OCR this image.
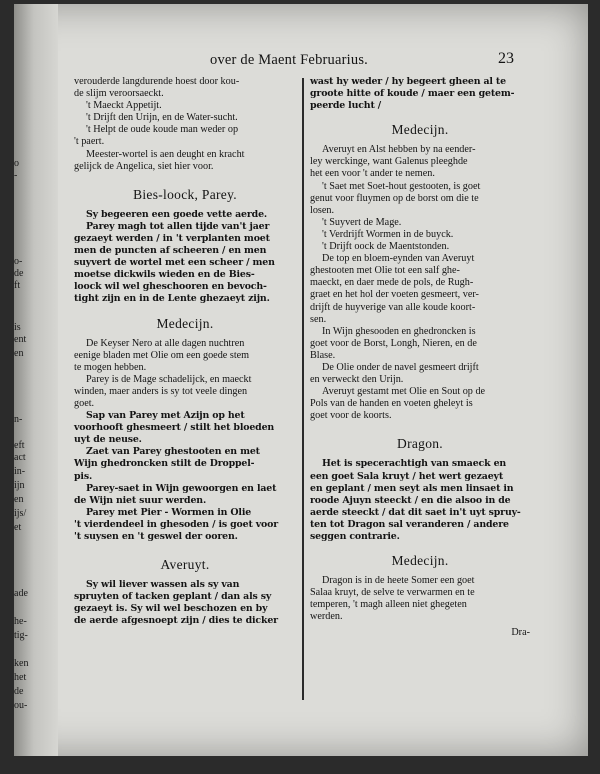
o
-
o-
de
ft
is
ent
en
n-
eft
act
in-
ijn
en
ijs/
et
ade
he-
tig-
ken
het
de
ou-
over de Maent Februarius.	23

verouderde langdurende hoest door kou-

de slijm veroorsaeckt.

't Maeckt Appetijt.

't Drijft den Urijn, en de Water-sucht.

't Helpt de oude koude man weder op

't paert.

Meester-wortel is aen deught en kracht

gelijck de Angelica, siet hier voor.

Bies-loock, Parey.

Sy begeeren een goede vette aerde.

Parey magh tot allen tijde van't jaer

gezaeyt werden / in 't verplanten moet

men de puncten af scheeren / en men

suyvert de wortel met een scheer / men

moetse dickwils wieden en de Bies-

loock wil wel gheschooren en bevoch-

tight zijn en in de Lente ghezaeyt zijn.

Medecijn.

De Keyser Nero at alle dagen nuchtren

eenige bladen met Olie om een goede stem

te mogen hebben.

Parey is de Mage schadelijck, en maeckt

winden, maer anders is sy tot veele dingen

goet.

Sap van Parey met Azijn op het

voorhooft ghesmeert / stilt het bloeden

uyt de neuse.

Zaet van Parey ghestooten en met

Wijn ghedroncken stilt de Droppel-

pis.

Parey-saet in Wijn gewoorgen en laet

de Wijn niet suur werden.

Parey met Pier - Wormen in Olie

't vierdendeel in ghesoden / is goet voor

't suysen en 't geswel der ooren.

Averuyt.

Sy wil liever wassen als sy van

spruyten of tacken geplant / dan als sy

gezaeyt is. Sy wil wel beschozen en by

de aerde afgesnoept zijn / dies te dicker

wast hy weder / hy begeert gheen al te

groote hitte of koude / maer een getem-

peerde lucht /

Medecijn.

Averuyt en Alst hebben by na eender-

ley werckinge, want Galenus pleeghde

het een voor 't ander te nemen.

't Saet met Soet-hout gestooten, is goet

genut voor fluymen op de borst om die te

losen.

't Suyvert de Mage.

't Verdrijft Wormen in de buyck.

't Drijft oock de Maentstonden.

De top en bloem-eynden van Averuyt

ghestooten met Olie tot een salf ghe-

maeckt, en daer mede de pols, de Rugh-

graet en het hol der voeten gesmeert, ver-

drijft de huyverige van alle koude koort-

sen.

In Wijn ghesooden en ghedroncken is

goet voor de Borst, Longh, Nieren, en de

Blase.

De Olie onder de navel gesmeert drijft

en verweckt den Urijn.

Averuyt gestamt met Olie en Sout op de

Pols van de handen en voeten gheleyt is

goet voor de koorts.

Dragon.

Het is specerachtigh van smaeck en

een goet Sala kruyt / het wert gezaeyt

en geplant / men seyt als men linsaet in

roode Ajuyn steeckt / en die alsoo in de

aerde steeckt / dat dit saet in't uyt spruy-

ten tot Dragon sal veranderen / andere

seggen contrarie.

Medecijn.

Dragon is in de heete Somer een goet

Salaa kruyt, de selve te verwarmen en te

temperen, 't magh alleen niet ghegeten

werden.

Dra-
